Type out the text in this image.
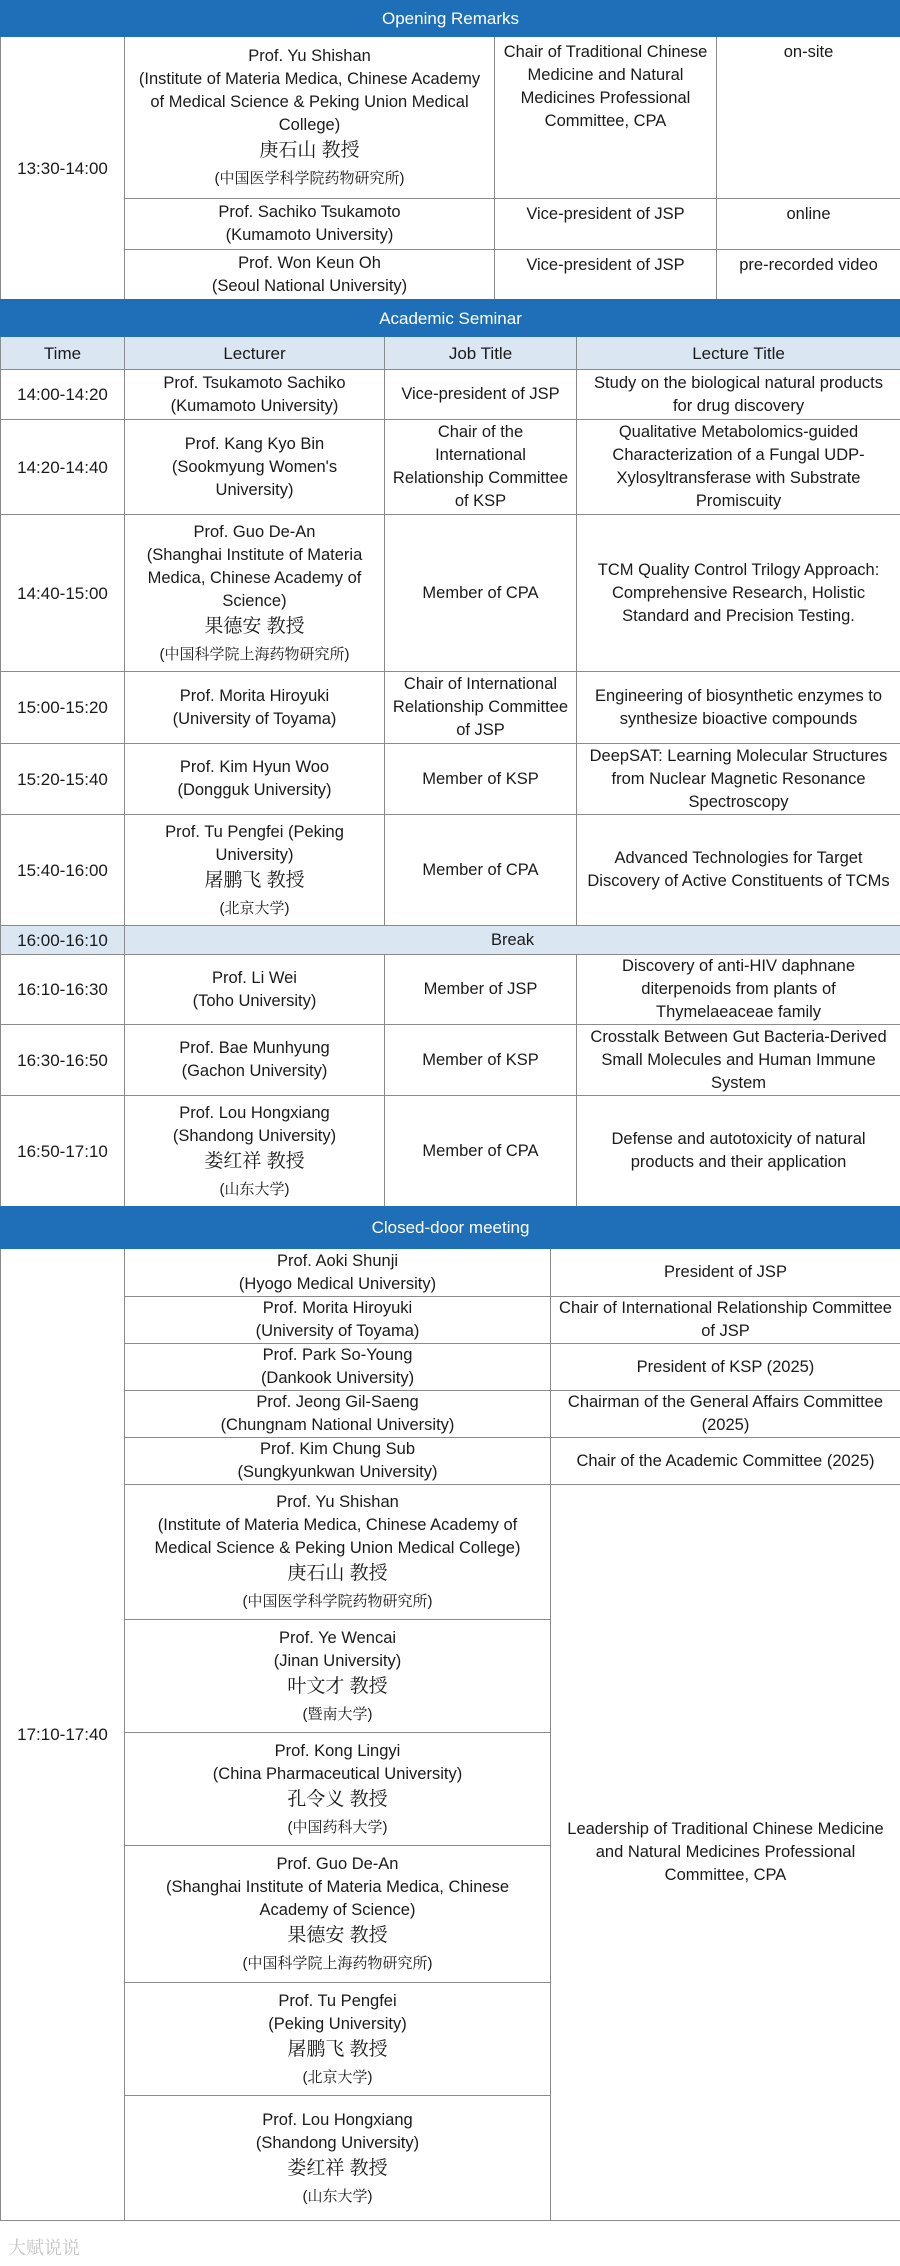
Opening Remarks			
13:30-14:00	Prof. Yu Shishan
(Institute of Materia Medica, Chinese Academy of Medical Science & Peking Union Medical College)
庚石山 教授
(中国医学科学院药物研究所)	Chair of Traditional Chinese Medicine and Natural Medicines Professional Committee, CPA	on-site

	Prof. Sachiko Tsukamoto
(Kumamoto University)	Vice-president of JSP	online

	Prof. Won Keun Oh
(Seoul National University)	Vice-president of JSP	pre-recorded video
Academic Seminar			
Time	Lecturer	Job Title	Lecture Title
14:00-14:20	Prof. Tsukamoto Sachiko
(Kumamoto University)	Vice-president of JSP	Study on the biological natural products for drug discovery
14:20-14:40	Prof. Kang Kyo Bin
(Sookmyung Women's University)	Chair of the International Relationship Committee of KSP	Qualitative Metabolomics-guided Characterization of a Fungal UDP-Xylosyltransferase with Substrate Promiscuity
14:40-15:00	Prof. Guo De-An
(Shanghai Institute of Materia Medica, Chinese Academy of Science)
果德安 教授
(中国科学院上海药物研究所)	Member of CPA	TCM Quality Control Trilogy Approach: Comprehensive Research, Holistic Standard and Precision Testing.
15:00-15:20	Prof. Morita Hiroyuki
(University of Toyama)	Chair of International Relationship Committee of JSP	Engineering of biosynthetic enzymes to synthesize bioactive compounds
15:20-15:40	Prof. Kim Hyun Woo
(Dongguk University)	Member of KSP	DeepSAT: Learning Molecular Structures from Nuclear Magnetic Resonance Spectroscopy
15:40-16:00	Prof. Tu Pengfei (Peking University)
屠鹏飞 教授
(北京大学)	Member of CPA	Advanced Technologies for Target Discovery of Active Constituents of TCMs
16:00-16:10	Break		
16:10-16:30	Prof. Li Wei
(Toho University)	Member of JSP	Discovery of anti-HIV daphnane diterpenoids from plants of Thymelaeaceae family
16:30-16:50	Prof. Bae Munhyung
(Gachon University)	Member of KSP	Crosstalk Between Gut Bacteria-Derived Small Molecules and Human Immune System
16:50-17:10	Prof. Lou Hongxiang
(Shandong University)
娄红祥 教授
(山东大学)	Member of CPA	Defense and autotoxicity of natural products and their application
Closed-door meeting		
17:10-17:40	Prof. Aoki Shunji
(Hyogo Medical University)	President of JSP

	Prof. Morita Hiroyuki
(University of Toyama)	Chair of International Relationship Committee of JSP

	Prof. Park So-Young
(Dankook University)	President of KSP (2025)

	Prof. Jeong Gil-Saeng
(Chungnam National University)	Chairman of the General Affairs Committee (2025)

	Prof. Kim Chung Sub
(Sungkyunkwan University)	Chair of the Academic Committee (2025)

	Prof. Yu Shishan
(Institute of Materia Medica, Chinese Academy of Medical Science & Peking Union Medical College)
庚石山 教授
(中国医学科学院药物研究所)	Leadership of Traditional Chinese Medicine and Natural Medicines Professional Committee, CPA

	Prof. Ye Wencai
(Jinan University)
叶文才 教授
(暨南大学)	

	Prof. Kong Lingyi
(China Pharmaceutical University)
孔令义 教授
(中国药科大学)	

	Prof. Guo De-An
(Shanghai Institute of Materia Medica, Chinese Academy of Science)
果德安 教授
(中国科学院上海药物研究所)	

	Prof. Tu Pengfei
(Peking University)
屠鹏飞 教授
(北京大学)	

	Prof. Lou Hongxiang
(Shandong University)
娄红祥 教授
(山东大学)	
大赋说说
